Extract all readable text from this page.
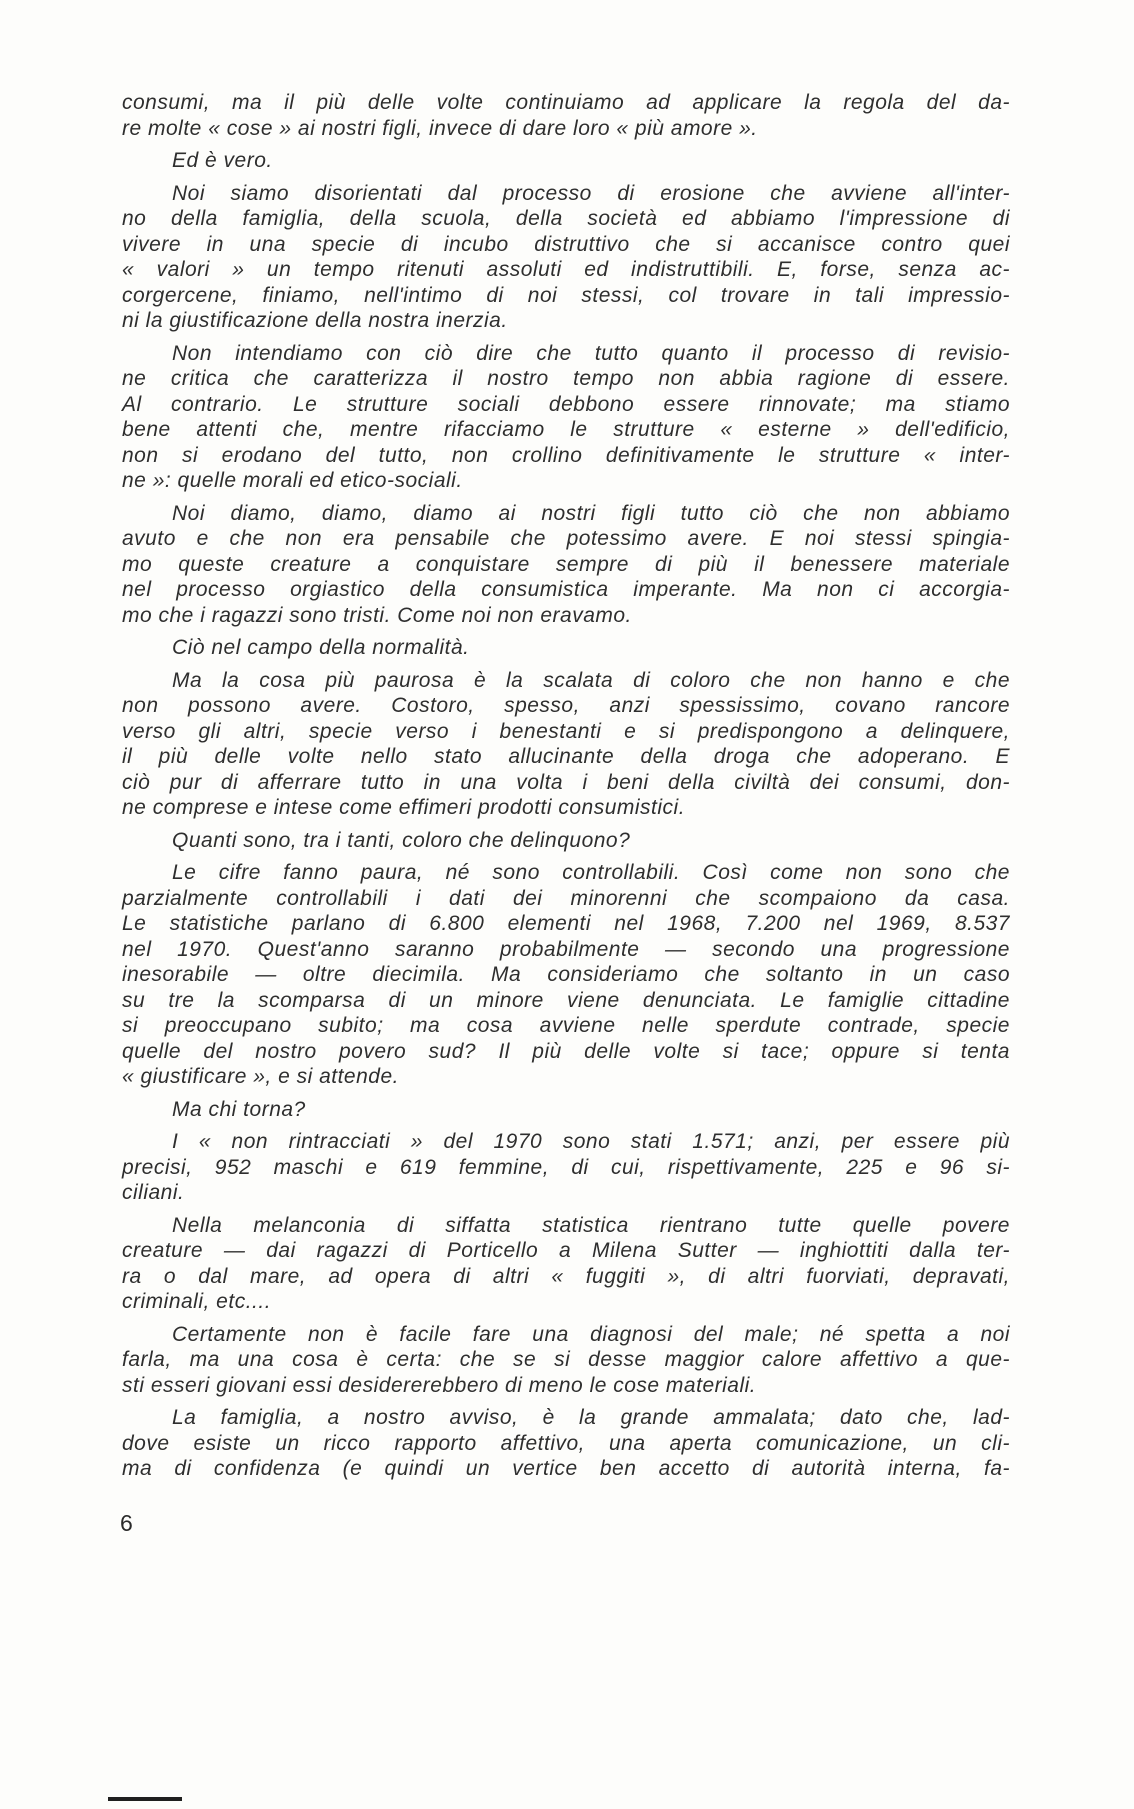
consumi, ma il più delle volte continuiamo ad applicare la regola del da-
re molte « cose » ai nostri figli, invece di dare loro « più amore ».
Ed è vero.
Noi siamo disorientati dal processo di erosione che avviene all'inter-
no della famiglia, della scuola, della società ed abbiamo l'impressione di
vivere in una specie di incubo distruttivo che si accanisce contro quei
« valori » un tempo ritenuti assoluti ed indistruttibili. E, forse, senza ac-
corgercene, finiamo, nell'intimo di noi stessi, col trovare in tali impressio-
ni la giustificazione della nostra inerzia.
Non intendiamo con ciò dire che tutto quanto il processo di revisio-
ne critica che caratterizza il nostro tempo non abbia ragione di essere.
Al contrario. Le strutture sociali debbono essere rinnovate; ma stiamo
bene attenti che, mentre rifacciamo le strutture « esterne » dell'edificio,
non si erodano del tutto, non crollino definitivamente le strutture « inter-
ne »: quelle morali ed etico-sociali.
Noi diamo, diamo, diamo ai nostri figli tutto ciò che non abbiamo
avuto e che non era pensabile che potessimo avere. E noi stessi spingia-
mo queste creature a conquistare sempre di più il benessere materiale
nel processo orgiastico della consumistica imperante. Ma non ci accorgia-
mo che i ragazzi sono tristi. Come noi non eravamo.
Ciò nel campo della normalità.
Ma la cosa più paurosa è la scalata di coloro che non hanno e che
non possono avere. Costoro, spesso, anzi spessissimo, covano rancore
verso gli altri, specie verso i benestanti e si predispongono a delinquere,
il più delle volte nello stato allucinante della droga che adoperano. E
ciò pur di afferrare tutto in una volta i beni della civiltà dei consumi, don-
ne comprese e intese come effimeri prodotti consumistici.
Quanti sono, tra i tanti, coloro che delinquono?
Le cifre fanno paura, né sono controllabili. Così come non sono che
parzialmente controllabili i dati dei minorenni che scompaiono da casa.
Le statistiche parlano di 6.800 elementi nel 1968, 7.200 nel 1969, 8.537
nel 1970. Quest'anno saranno probabilmente — secondo una progressione
inesorabile — oltre diecimila. Ma consideriamo che soltanto in un caso
su tre la scomparsa di un minore viene denunciata. Le famiglie cittadine
si preoccupano subito; ma cosa avviene nelle sperdute contrade, specie
quelle del nostro povero sud? Il più delle volte si tace; oppure si tenta
« giustificare », e si attende.
Ma chi torna?
I « non rintracciati » del 1970 sono stati 1.571; anzi, per essere più
precisi, 952 maschi e 619 femmine, di cui, rispettivamente, 225 e 96 si-
ciliani.
Nella melanconia di siffatta statistica rientrano tutte quelle povere
creature — dai ragazzi di Porticello a Milena Sutter — inghiottiti dalla ter-
ra o dal mare, ad opera di altri « fuggiti », di altri fuorviati, depravati,
criminali, etc....
Certamente non è facile fare una diagnosi del male; né spetta a noi
farla, ma una cosa è certa: che se si desse maggior calore affettivo a que-
sti esseri giovani essi desidererebbero di meno le cose materiali.
La famiglia, a nostro avviso, è la grande ammalata; dato che, lad-
dove esiste un ricco rapporto affettivo, una aperta comunicazione, un cli-
ma di confidenza (e quindi un vertice ben accetto di autorità interna, fa-
6
